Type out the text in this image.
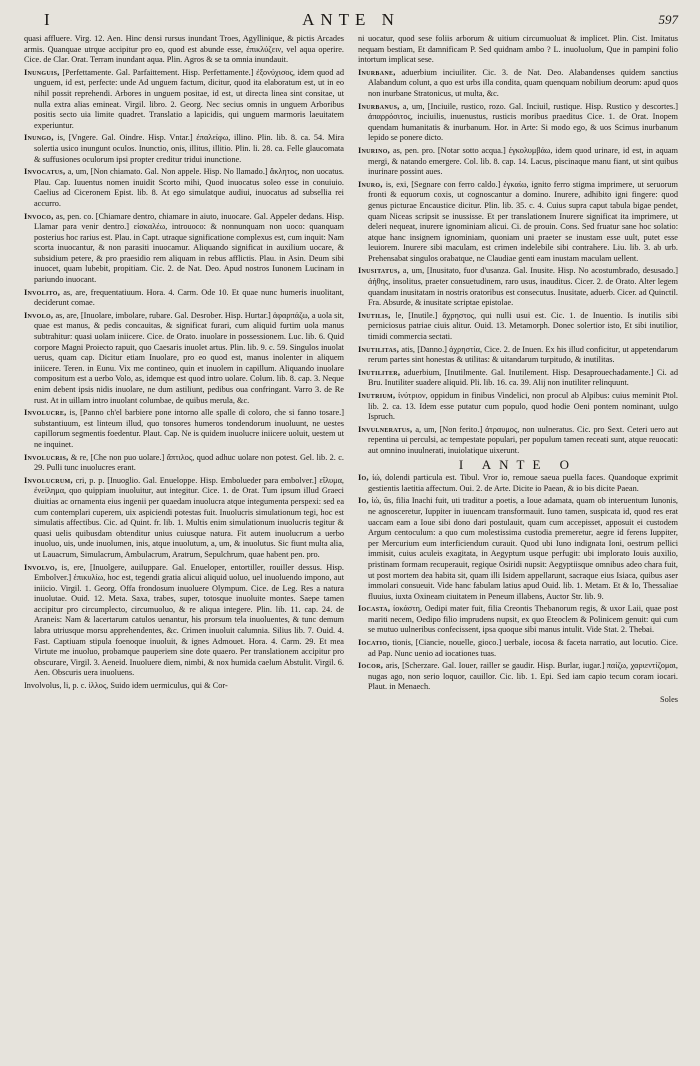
I	ANTE N	597

quasi affluere. Virg. 12. Aen. Hinc densi rursus inundant Troes, Agyllinique, & pictis Arcades armis. Quanquae utrque accipitur pro eo, quod est abunde esse, ἐπικλύζειν, vel aqua operire. Cice. de Clar. Orat. Terram inundant aqua. Plin. Agros & se ta omnia inundauit.

Inunguis, [Perfettamente. Gal. Parfaittement. Hisp. Perfettamente.] ἐξονύχισος, idem quod ad unguem, id est, perfecte: unde Ad unguem factum, dicitur, quod ita elaboratum est, ut in eo nihil possit reprehendi. Arbores in unguem positae, id est, ut directa linea sint consitae, ut nulla extra alias emineat. Virgil. libro. 2. Georg. Nec secius omnis in unguem Arboribus positis secto uia limite quadret. Translatio a lapicidis, qui unguem marmoris laeuitatem experiuntur.

Inungo, is, [Vngere. Gal. Oindre. Hisp. Vntar.] ἐπαλείφω, illino. Plin. lib. 8. ca. 54. Mira solertia usico inungunt oculos. Inunctio, onis, illitus, illitio. Plin. li. 28. ca. Felle glaucomata & suffusiones oculorum ipsi propter creditur tridui inunctione.

Invocatus, a, um, [Non chiamato. Gal. Non appele. Hisp. No llamado.] ἄκλητος, non uocatus. Plau. Cap. Iuuentus nomen inuidit Scorto mihi, Quod inuocatus soleo esse in conuiuio. Caelius ad Ciceronem Epist. lib. 8. At ego simulatque audiui, inuocatus ad subsellia rei accurro.

Invoco, as, pen. co. [Chiamare dentro, chiamare in aiuto, inuocare. Gal. Appeler dedans. Hisp. Llamar para venir dentro.] εἰσκαλέω, introuoco: & nonnunquam non uoco: quanquam posterius hoc rarius est. Plau. in Capt. utraque significatione complexus est, cum inquit: Nam scorta inuocantur, & non parasiti inuocamur. Aliquando significat in auxilium uocare, & subsidium petere, & pro praesidio rem aliquam in rebus afflictis. Plau. in Asin. Deum sibi inuocet, quam lubebit, propitiam. Cic. 2. de Nat. Deo. Apud nostros Iunonem Lucinam in pariundo inuocant.

Involito, as, are, frequentatiuum. Hora. 4. Carm. Ode 10. Et quae nunc humeris inuolitant, deciderunt comae.

Involo, as, are, [Inuolare, imbolare, rubare. Gal. Desrober. Hisp. Hurtar.] ἀφαρπάζω, a uola sit, quae est manus, & pedis concauitas, & significat furari, cum aliquid furtim uola manus subtrahitur: quasi uolam iniicere. Cice. de Orato. inuolare in possessionem. Luc. lib. 6. Quid corpore Magni Proiecto rapuit, quo Caesaris inuolet artus. Plin. lib. 9. c. 59. Singulos inuolat uerus, quam cap. Dicitur etiam Inuolare, pro eo quod est, manus inolenter in aliquem iniicere. Teren. in Eunu. Vix me contineo, quin et inuolem in capillum. Aliquando inuolare compositum est a uerbo Volo, as, idemque est quod intro uolare. Colum. lib. 8. cap. 3. Neque enim debent ipsis nidis inuolare, ne dum astiliunt, pedibus oua confringant. Varro 3. de Re rust. At in uillam intro inuolant columbae, de quibus merula, &c.

Involucre, is, [Panno ch'el barbiere pone intorno alle spalle di coloro, che si fanno tosare.] substantiuum, est linteum illud, quo tonsores humeros tondendorum inuoluunt, ne uestes capillorum segmentis foedentur. Plaut. Cap. Ne is quidem inuolucre iniicere uoluit, uestem ut ne inquinet.

Involucris, & re, [Che non puo uolare.] ἄπτιλος, quod adhuc uolare non potest. Gel. lib. 2. c. 29. Pulli tunc inuolucres erant.

Involucrum, cri, p. p. [Inuoglio. Gal. Enueloppe. Hisp. Embolueder para embolver.] εἴλυμα, ἐνείλημα, quo quippiam inuoluitur, aut integitur. Cice. 1. de Orat. Tum ipsum illud Graeci diuitias ac ornamenta eius ingenii per quaedam inuolucra atque integumenta perspexi: sed ea cum contemplari cuperem, uix aspiciendi potestas fuit. Inuolucris simulationum tegi, hoc est simulatis affectibus. Cic. ad Quint. fr. lib. 1. Multis enim simulationum inuolucris tegitur & quasi uelis quibusdam obtenditur unius cuiusque natura. Fit autem inuolucrum a uerbo inuoluo, uis, unde inuolumen, inis, atque inuolutum, a, um, & inuolutus. Sic fiunt multa alia, ut Lauacrum, Simulacrum, Ambulacrum, Aratrum, Sepulchrum, quae habent pen. pro.

Involvo, is, ere, [Inuolgere, auiluppare. Gal. Enueloper, entortiller, rouiller dessus. Hisp. Embolver.] ἐπικυλίω, hoc est, tegendi gratia alicui aliquid uoluo, uel inuoluendo impono, aut iniicio. Virgil. 1. Georg. Offa frondosum inuoluere Olympum. Cice. de Leg. Res a natura inuolutae. Ouid. 12. Meta. Saxa, trabes, super, totosque inuoluite montes. Saepe tamen accipitur pro circumplecto, circumuoluo, & re aliqua integere. Plin. lib. 11. cap. 24. de Araneis: Nam & lacertarum catulos uenantur, his prorsum tela inuoluentes, & tunc demum labra utriusque morsu apprehendentes, &c. Crimen inuoluit calumnia. Silius lib. 7. Ouid. 4. Fast. Captiuam stipula foenoque inuoluit, & ignes Admouet. Hora. 4. Carm. 29. Et mea Virtute me inuoluo, probamque pauperiem sine dote quaero. Per translationem accipitur pro obscurare, Virgil. 3. Aeneid. Inuoluere diem, nimbi, & nox humida caelum Abstulit. Virgil. 6. Aen. Obscuris uera inuoluens.

Involvolus, li, p. c. ἰλλος, Suido idem uermiculus, qui & Cor-

ni uocatur, quod sese foliis arborum & uitium circumuoluat & implicet. Plin. Cist. Imitatus nequam bestiam, Et damnificam P. Sed quidnam ambo ? L. inuoluolum, Que in pampini folio intortum implicat sese.

Inurbane, aduerbium inciuiliter. Cic. 3. de Nat. Deo. Alabandenses quidem sanctius Alabandum colunt, a quo est urbs illa condita, quam quenquam nobilium deorum: apud quos non inurbane Stratonicus, ut multa, &c.

Inurbanus, a, um, [Inciuile, rustico, rozo. Gal. Inciuil, rustique. Hisp. Rustico y descortes.] ἀπαρρόσιτος, inciuilis, inuenustus, rusticis moribus praeditus Cice. 1. de Orat. Inopem quendam humanitatis & inurbanum. Hor. in Arte: Si modo ego, & uos Scimus inurbanum lepido se ponere dicto.

Inurino, as, pen. pro. [Notar sotto acqua.] ἐγκολυμβάω, idem quod urinare, id est, in aquam mergi, & natando emergere. Col. lib. 8. cap. 14. Lacus, piscinaque manu fiant, ut sint quibus inurinare possint aues.

Inuro, is, exi, [Segnare con ferro caldo.] ἐγκαίω, ignito ferro stigma imprimere, ut seruorum fronti & equorum coxis, ut cognoscantur a domino. Inurere, adhibito igni fingere: quod genus picturae Encaustice dicitur. Plin. lib. 35. c. 4. Cuius supra caput tabula bigae pendet, quam Niceas scripsit se inussisse. Et per translationem Inurere significat ita imprimere, ut deleri nequeat, inurere ignominiam alicui. Ci. de prouin. Cons. Sed fruatur sane hoc solatio: atque hanc insignem ignominiam, quoniam uni praeter se inustam esse uult, putet esse leuiorem. Inurere sibi maculam, est crimen indelebile sibi contrahere. Liu. lib. 3. ab urb. Prehensabat singulos orabatque, ne Claudiae genti eam inustam maculam uellent.

Inusitatus, a, um, [Inusitato, fuor d'usanza. Gal. Inusite. Hisp. No acostumbrado, desusado.] ἀήθης, insolitus, praeter consuetudinem, raro usus, inauditus. Cicer. 2. de Orato. Alter legem quandam inusitatam in nostris oratoribus est consecutus. Inusitate, aduerb. Cicer. ad Quinctil. Fra. Absurde, & inusitate scriptae epistolae.

Inutilis, le, [Inutile.] ἄχρηστος, qui nulli usui est. Cic. 1. de Inuentio. Is inutilis sibi perniciosus patriae ciuis alitur. Ouid. 13. Metamorph. Donec solertior isto, Et sibi inutilior, timidi commercia sectati.

Inutilitas, atis, [Danno.] ἀχρηστία, Cice. 2. de Inuen. Ex his illud conficitur, ut appetendarum rerum partes sint honestas & utilitas: & uitandarum turpitudo, & inutilitas.

Inutiliter, aduerbium, [Inutilmente. Gal. Inutilement. Hisp. Desaprouechadamente.] Ci. ad Bru. Inutiliter suadere aliquid. Pli. lib. 16. ca. 39. Alij non inutiliter relinquunt.

Inutrium, ἰνύτριον, oppidum in finibus Vindelici, non procul ab Alpibus: cuius meminit Ptol. lib. 2. ca. 13. Idem esse putatur cum populo, quod hodie Oeni pontem nominant, uulgo Ispruch.

Invulneratus, a, um, [Non ferito.] ἀτραυμος, non uulneratus. Cic. pro Sext. Ceteri uero aut repentina ui perculsi, ac tempestate populari, per populum tamen receati sunt, atque reuocati: aut omnino inuulnerati, inuiolatique uixerunt.

I ANTE O

Io, ἰώ, dolendi particula est. Tibul. Vror io, remoue saeua puella faces. Quandoque exprimit gestientis laetitia affectum. Oui. 2. de Arte. Dicite io Paean, & io bis dicite Paean.

Io, ἰώ, ūs, filia Inachi fuit, uti traditur a poetis, a Ioue adamata, quam ob interuentum Iunonis, ne agnosceretur, Iuppiter in iuuencam transformauit. Iuno tamen, suspicata id, quod res erat uaccam eam a Ioue sibi dono dari postulauit, quam cum accepisset, apposuit ei custodem Argum centoculum: a quo cum molestissima custodia premeretur, aegre id ferens Iuppiter, per Mercurium eum interficiendum curauit. Quod ubi Iuno indignata Ioni, oestrum pellici immisit, cuius aculeis exagitata, in Aegyptum usque perfugit: ubi implorato Iouis auxilio, pristinam formam recuperauit, regique Osiridi nupsit: Aegyptiisque omnibus adeo chara fuit, ut post mortem dea habita sit, quam illi Isidem appellarunt, sacraque eius Isiaca, quibus aser immolari consueuit. Vide hanc fabulam latius apud Ouid. lib. 1. Metam. Et & Io, Thessaliae fluuius, iuxta Oxineam ciuitatem in Peneum illabens, Auctor Str. lib. 9.

Iocasta, ἰοκάστη, Oedipi mater fuit, filia Creontis Thebanorum regis, & uxor Laii, quae post mariti necem, Oedipo filio imprudens nupsit, ex quo Eteoclem & Polinicem genuit: qui cum se mutuo uulneribus confecissent, ipsa quoque sibi manus intulit. Vide Stat. 2. Thebai.

Iocatio, tionis, [Ciancie, nouelle, gioco.] uerbale, iocosa & faceta narratio, aut locutio. Cice. ad Pap. Nunc uenio ad iocationes tuas.

Iocor, aris, [Scherzare. Gal. Iouer, railler se gaudir. Hisp. Burlar, iugar.] παίζω, χαριεντίζομαι, nugas ago, non serio loquor, cauillor. Cic. lib. 1. Epi. Sed iam capio tecum coram iocari. Plaut. in Menaech.

Soles
